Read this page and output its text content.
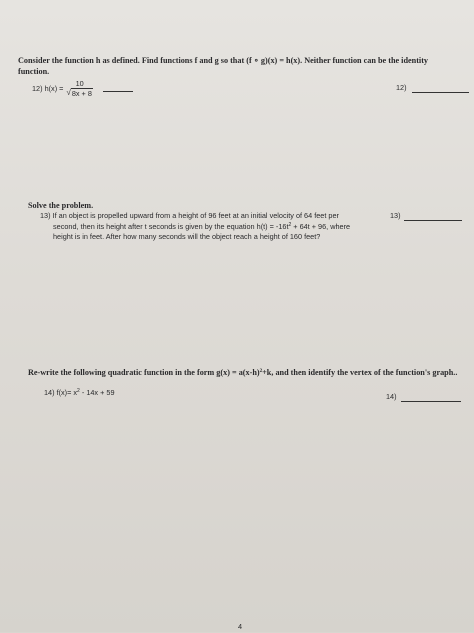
Consider the function h as defined. Find functions f and g so that (f ∘ g)(x) = h(x). Neither function can be the identity function.
12) h(x) =
10
√ 8x + 8
12)
Solve the problem.
13) If an object is propelled upward from a height of 96 feet at an initial velocity of 64 feet per
second, then its height after t seconds is given by the equation $h(t) = -16t^2 + 64t + 96$, where
height is in feet. After how many seconds will the object reach a height of 160 feet?
13)
Re-write the following quadratic function in the form $g(x) = a(x-h)^2+k$, and then identify the vertex of the function's graph..
14) $f(x)= x^2 - 14x + 59$	14)
4
